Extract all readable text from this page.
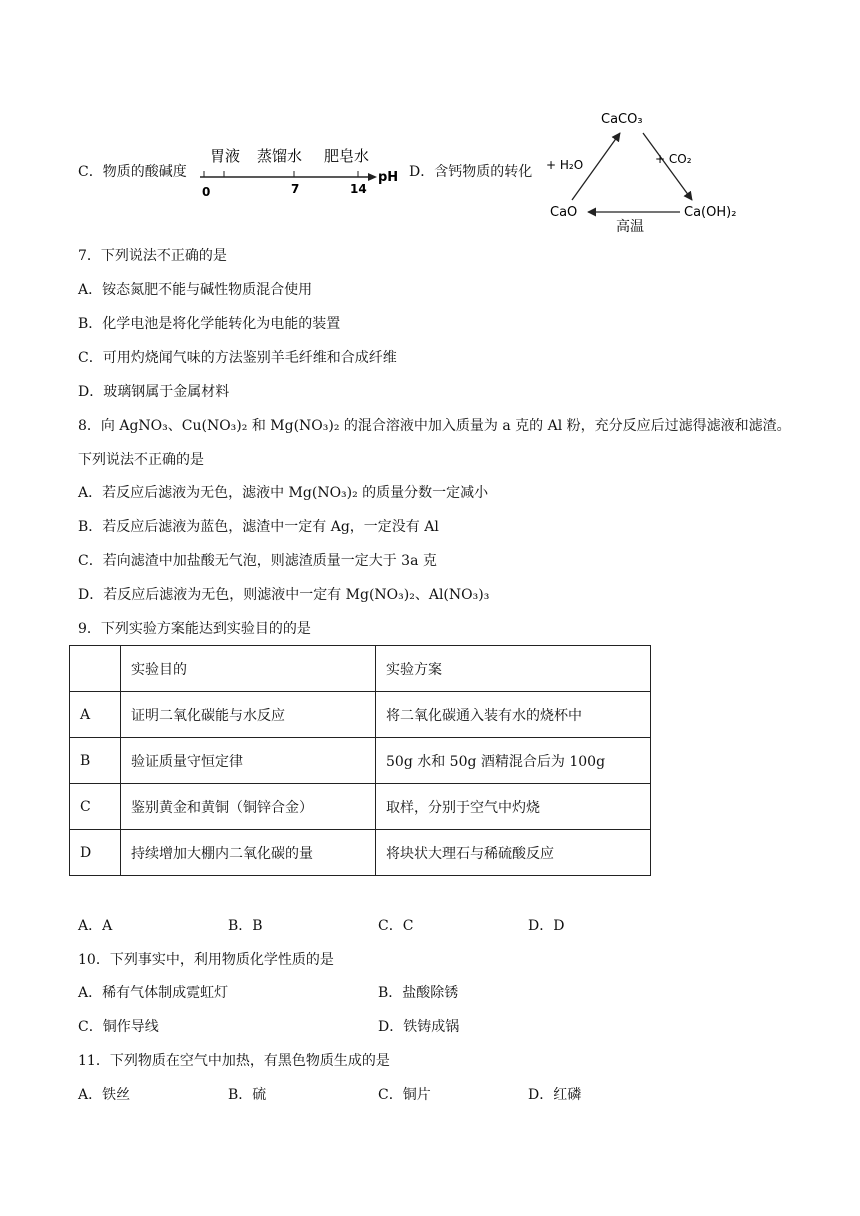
C．物质的酸碱度
胃液 蒸馏水 肥皂水
pH
0	7	14
D．含钙物质的转化
CaCO₃
CaO	Ca(OH)₂
+ H₂O	+ CO₂
高温
7．下列说法不正确的是
A．铵态氮肥不能与碱性物质混合使用
B．化学电池是将化学能转化为电能的装置
C．可用灼烧闻气味的方法鉴别羊毛纤维和合成纤维
D．玻璃钢属于金属材料
8．向 AgNO₃、Cu(NO₃)₂ 和 Mg(NO₃)₂ 的混合溶液中加入质量为 a 克的 Al 粉，充分反应后过滤得滤液和滤渣。
下列说法不正确的是
A．若反应后滤液为无色，滤液中 Mg(NO₃)₂ 的质量分数一定减小
B．若反应后滤液为蓝色，滤渣中一定有 Ag，一定没有 Al
C．若向滤渣中加盐酸无气泡，则滤渣质量一定大于 3a 克
D．若反应后滤液为无色，则滤液中一定有 Mg(NO₃)₂、Al(NO₃)₃
9．下列实验方案能达到实验目的的是
	实验目的	实验方案
A	证明二氧化碳能与水反应	将二氧化碳通入装有水的烧杯中
B	验证质量守恒定律	50g 水和 50g 酒精混合后为 100g
C	鉴别黄金和黄铜（铜锌合金）	取样，分别于空气中灼烧
D	持续增加大棚内二氧化碳的量	将块状大理石与稀硫酸反应
A．A	B．B	C．C	D．D
10．下列事实中，利用物质化学性质的是
A．稀有气体制成霓虹灯	B．盐酸除锈
C．铜作导线	D．铁铸成锅
11．下列物质在空气中加热，有黑色物质生成的是
A．铁丝	B．硫	C．铜片	D．红磷
